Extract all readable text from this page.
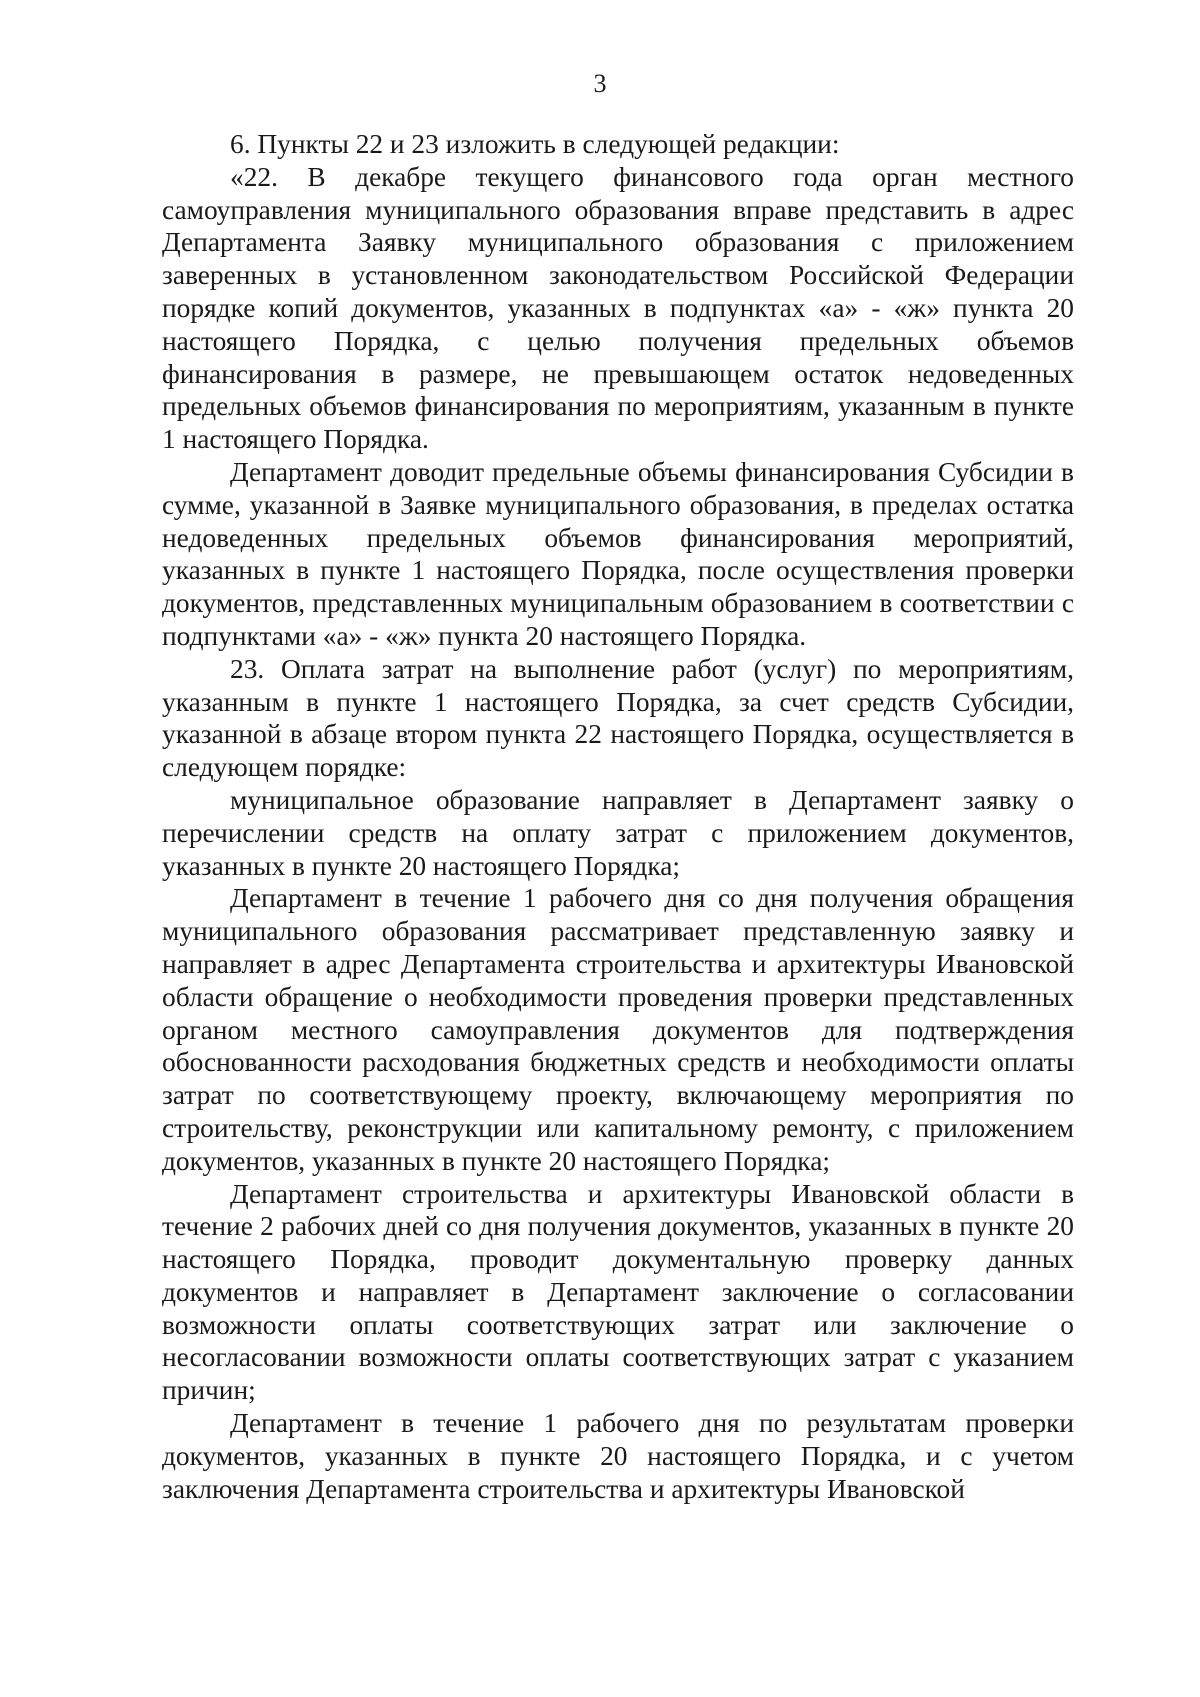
3

6. Пункты 22 и 23 изложить в следующей редакции:

«22. В декабре текущего финансового года орган местного самоуправления муниципального образования вправе представить в адрес Департамента Заявку муниципального образования с приложением заверенных в установленном законодательством Российской Федерации порядке копий документов, указанных в подпунктах «а» - «ж» пункта 20 настоящего Порядка, с целью получения предельных объемов финансирования в размере, не превышающем остаток недоведенных предельных объемов финансирования по мероприятиям, указанным в пункте 1 настоящего Порядка.

Департамент доводит предельные объемы финансирования Субсидии в сумме, указанной в Заявке муниципального образования, в пределах остатка недоведенных предельных объемов финансирования мероприятий, указанных в пункте 1 настоящего Порядка, после осуществления проверки документов, представленных муниципальным образованием в соответствии с подпунктами «а» - «ж» пункта 20 настоящего Порядка.

23. Оплата затрат на выполнение работ (услуг) по мероприятиям, указанным в пункте 1 настоящего Порядка, за счет средств Субсидии, указанной в абзаце втором пункта 22 настоящего Порядка, осуществляется в следующем порядке:

муниципальное образование направляет в Департамент заявку о перечислении средств на оплату затрат с приложением документов, указанных в пункте 20 настоящего Порядка;

Департамент в течение 1 рабочего дня со дня получения обращения муниципального образования рассматривает представленную заявку и направляет в адрес Департамента строительства и архитектуры Ивановской области обращение о необходимости проведения проверки представленных органом местного самоуправления документов для подтверждения обоснованности расходования бюджетных средств и необходимости оплаты затрат по соответствующему проекту, включающему мероприятия по строительству, реконструкции или капитальному ремонту, с приложением документов, указанных в пункте 20 настоящего Порядка;

Департамент строительства и архитектуры Ивановской области в течение 2 рабочих дней со дня получения документов, указанных в пункте 20 настоящего Порядка, проводит документальную проверку данных документов и направляет в Департамент заключение о согласовании возможности оплаты соответствующих затрат или заключение о несогласовании возможности оплаты соответствующих затрат с указанием причин;

Департамент в течение 1 рабочего дня по результатам проверки документов, указанных в пункте 20 настоящего Порядка, и с учетом заключения Департамента строительства и архитектуры Ивановской
